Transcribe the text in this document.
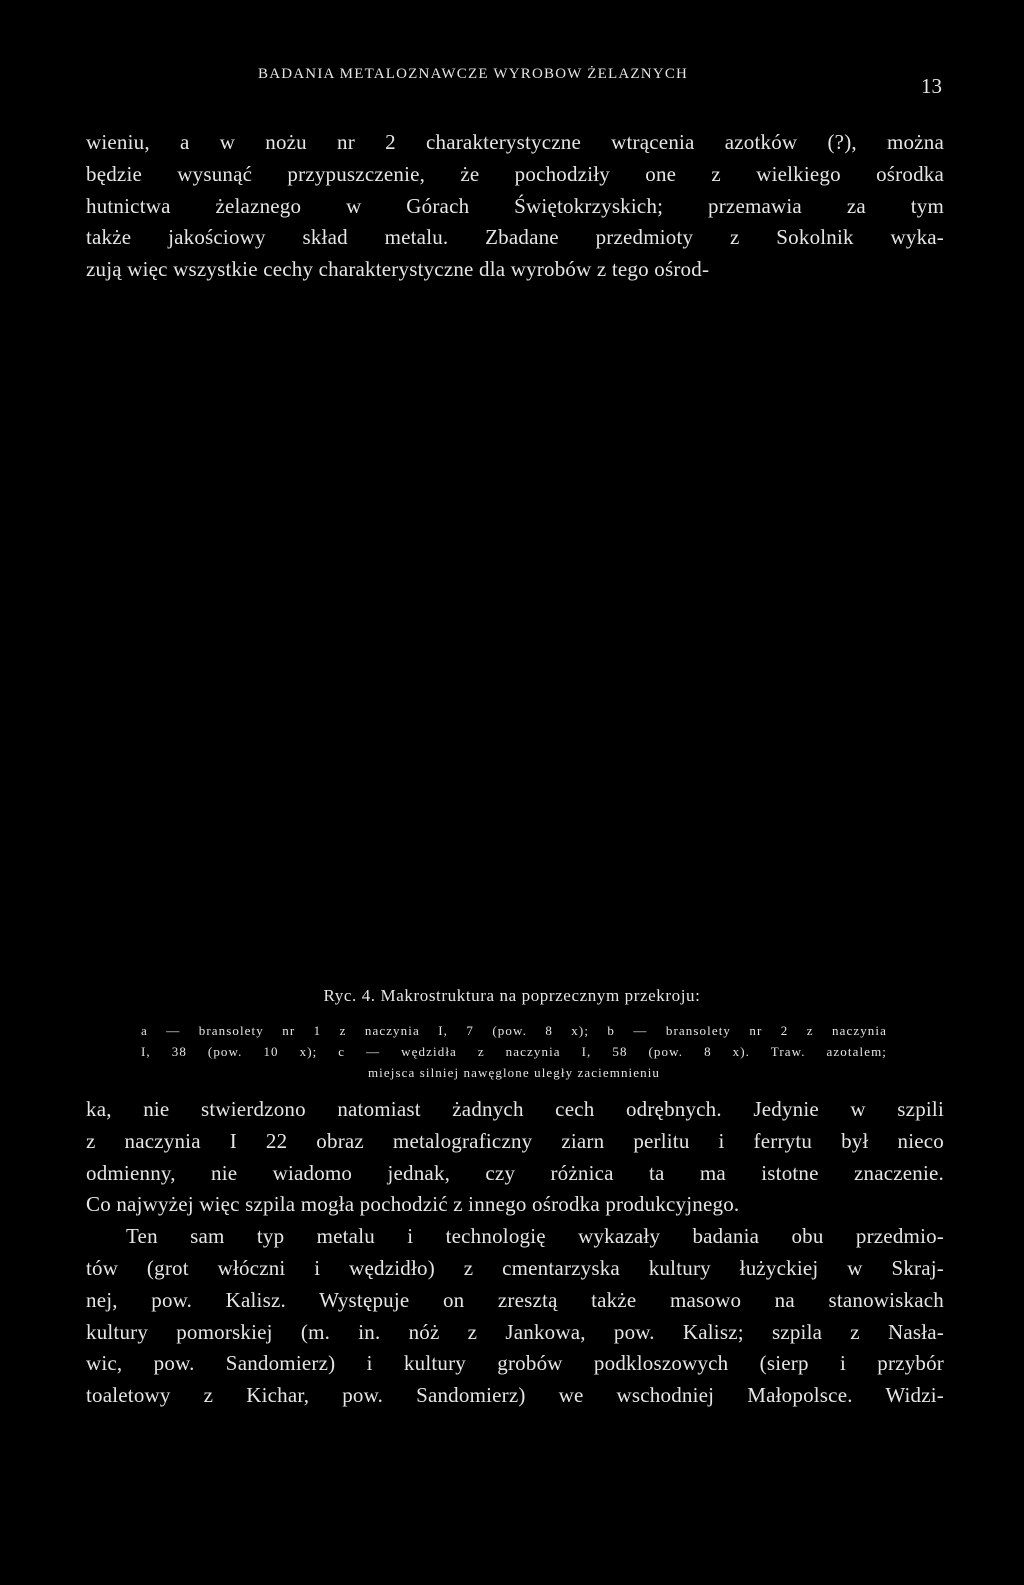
BADANIA METALOZNAWCZE WYROBOW ŻELAZNYCH	13
wieniu, a w nożu nr 2 charakterystyczne wtrącenia azotków (?), można
będzie wysunąć przypuszczenie, że pochodziły one z wielkiego ośrodka
hutnictwa żelaznego w Górach Świętokrzyskich; przemawia za tym
także jakościowy skład metalu. Zbadane przedmioty z Sokolnik wyka-
zują więc wszystkie cechy charakterystyczne dla wyrobów z tego ośrod-
Ryc. 4. Makrostruktura na poprzecznym przekroju:
a — bransolety nr 1 z naczynia I, 7 (pow. 8 x); b — bransolety nr 2 z naczynia
I, 38 (pow. 10 x); c — wędzidła z naczynia I, 58 (pow. 8 x). Traw. azotalem;
miejsca silniej nawęglone uległy zaciemnieniu
ka, nie stwierdzono natomiast żadnych cech odrębnych. Jedynie w szpili
z naczynia I 22 obraz metalograficzny ziarn perlitu i ferrytu był nieco
odmienny, nie wiadomo jednak, czy różnica ta ma istotne znaczenie.
Co najwyżej więc szpila mogła pochodzić z innego ośrodka produkcyjnego.
Ten sam typ metalu i technologię wykazały badania obu przedmio-
tów (grot włóczni i wędzidło) z cmentarzyska kultury łużyckiej w Skraj-
nej, pow. Kalisz. Występuje on zresztą także masowo na stanowiskach
kultury pomorskiej (m. in. nóż z Jankowa, pow. Kalisz; szpila z Nasła-
wic, pow. Sandomierz) i kultury grobów podkloszowych (sierp i przybór
toaletowy z Kichar, pow. Sandomierz) we wschodniej Małopolsce. Widzi-
